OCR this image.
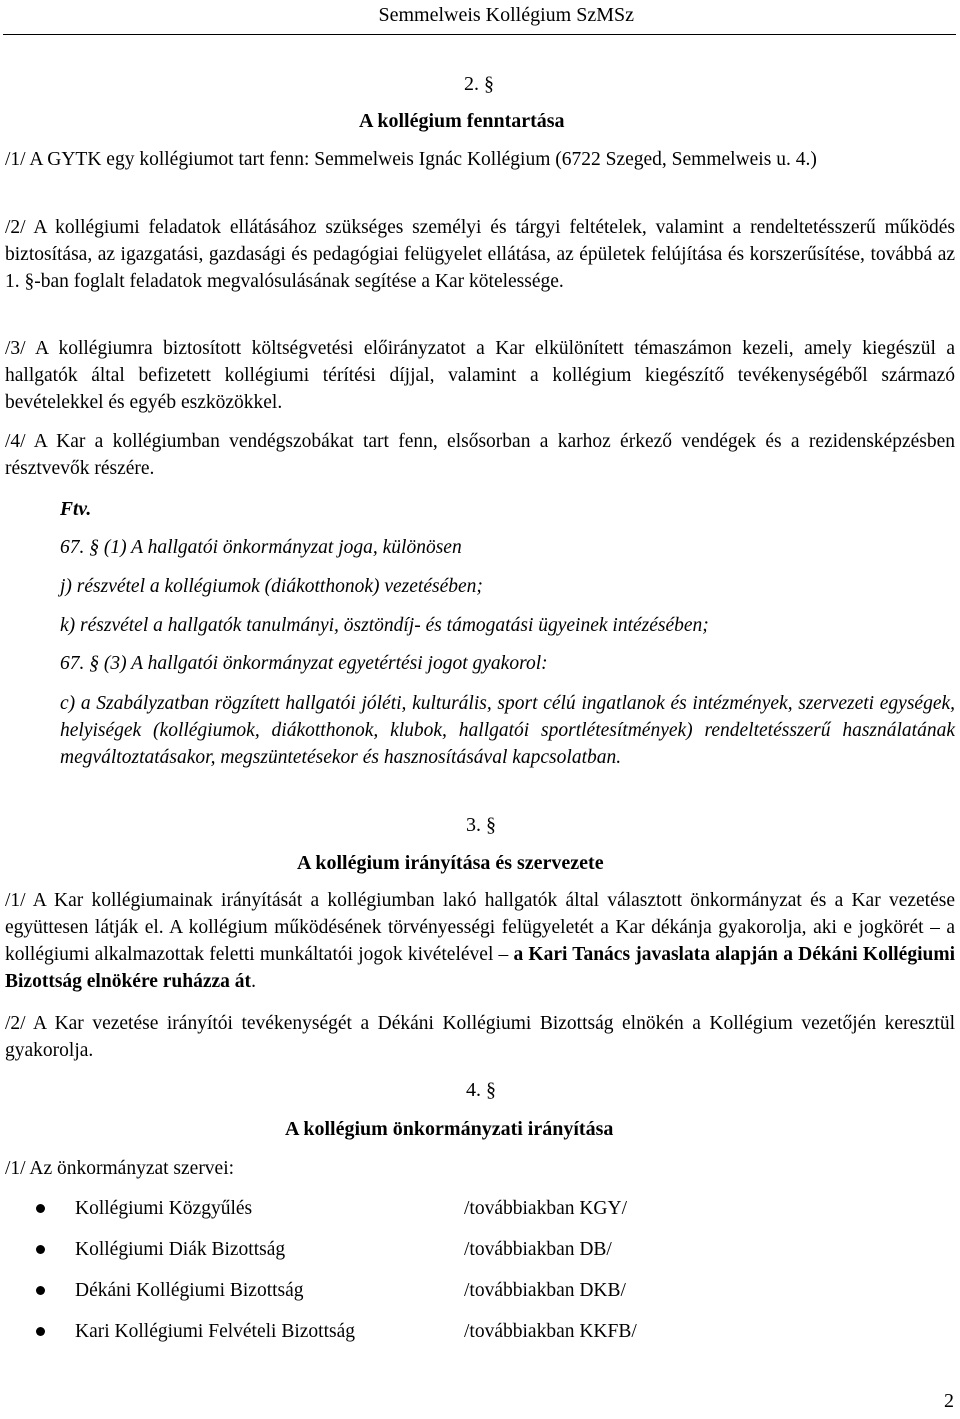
Semmelweis Kollégium SzMSz
2. §
A kollégium fenntartása

/1/ A GYTK egy kollégiumot tart fenn: Semmelweis Ignác Kollégium (6722 Szeged, Semmelweis u. 4.)

/2/ A kollégiumi feladatok ellátásához szükséges személyi és tárgyi feltételek, valamint a rendeltetésszerű működés biztosítása, az igazgatási, gazdasági és pedagógiai felügyelet ellátása, az épületek felújítása és korszerűsítése, továbbá az 1. §-ban foglalt feladatok megvalósulásának segítése a Kar kötelessége.

/3/ A kollégiumra biztosított költségvetési előirányzatot a Kar elkülönített témaszámon kezeli, amely kiegészül a hallgatók által befizetett kollégiumi térítési díjjal, valamint a kollégium kiegészítő tevékenységéből származó bevételekkel és egyéb eszközökkel.

/4/ A Kar a kollégiumban vendégszobákat tart fenn, elsősorban a karhoz érkező vendégek és a rezidensképzésben résztvevők részére.

Ftv.

67. § (1) A hallgatói önkormányzat joga, különösen

j) részvétel a kollégiumok (diákotthonok) vezetésében;

k) részvétel a hallgatók tanulmányi, ösztöndíj- és támogatási ügyeinek intézésében;

67. § (3) A hallgatói önkormányzat egyetértési jogot gyakorol:

c) a Szabályzatban rögzített hallgatói jóléti, kulturális, sport célú ingatlanok és intézmények, szervezeti egységek, helyiségek (kollégiumok, diákotthonok, klubok, hallgatói sportlétesítmények) rendeltetésszerű használatának megváltoztatásakor, megszüntetésekor és hasznosításával kapcsolatban.

3. §
A kollégium irányítása és szervezete

/1/ A Kar kollégiumainak irányítását a kollégiumban lakó hallgatók által választott önkormányzat és a Kar vezetése együttesen látják el. A kollégium működésének törvényességi felügyeletét a Kar dékánja gyakorolja, aki e jogkörét – a kollégiumi alkalmazottak feletti munkáltatói jogok kivételével – a Kari Tanács javaslata alapján a Dékáni Kollégiumi Bizottság elnökére ruházza át.

/2/ A Kar vezetése irányítói tevékenységét a Dékáni Kollégiumi Bizottság elnökén a Kollégium vezetőjén keresztül gyakorolja.

4. §
A kollégium önkormányzati irányítása
/1/ Az önkormányzat szervei:
Kollégiumi Közgyűlés	/továbbiakban KGY/
Kollégiumi Diák Bizottság	/továbbiakban DB/
Dékáni Kollégiumi Bizottság	/továbbiakban DKB/
Kari Kollégiumi Felvételi Bizottság	/továbbiakban KKFB/
2
